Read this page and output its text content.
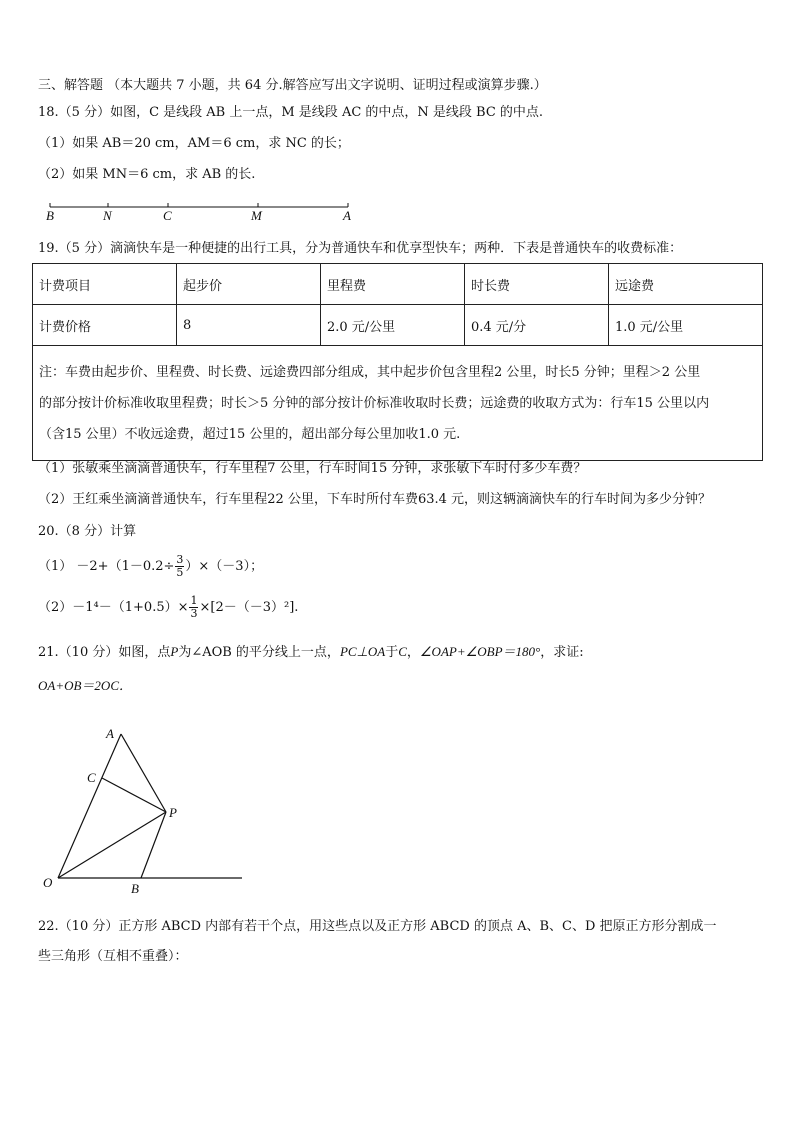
三、解答题 （本大题共 7 小题，共 64 分.解答应写出文字说明、证明过程或演算步骤.）
18.（5 分）如图，C 是线段 AB 上一点，M 是线段 AC 的中点，N 是线段 BC 的中点.
（1）如果 AB＝20 cm，AM＝6 cm，求 NC 的长；
（2）如果 MN＝6 cm，求 AB 的长.
B	N	C	M	A
19.（5 分）滴滴快车是一种便捷的出行工具，分为普通快车和优享型快车；两种．下表是普通快车的收费标准：
计费项目	起步价	里程费	时长费	远途费
计费价格	8	2.0 元/公里	0.4 元/分	1.0 元/公里

注：车费由起步价、里程费、时长费、远途费四部分组成，其中起步价包含里程2 公里，时长5 分钟；里程＞2 公里
的部分按计价标准收取里程费；时长＞5 分钟的部分按计价标准收取时长费；远途费的收取方式为：行车15 公里以内
（含15 公里）不收远途费，超过15 公里的，超出部分每公里加收1.0 元.				
（1）张敏乘坐滴滴普通快车，行车里程7 公里，行车时间15 分钟，求张敏下车时付多少车费？
（2）王红乘坐滴滴普通快车，行车里程22 公里，下车时所付车费63.4 元，则这辆滴滴快车的行车时间为多少分钟？
20.（8 分）计算
$(1) -2+(1-0.2\div \frac{3}{5} )\times(-3)$；
$(2)-1^4-(1+0.5)\times \frac{1}{3} \times[2-(-3)^2]$.
21.（10 分）如图，点P为∠AOB 的平分线上一点，PC⊥OA于C，∠OAP+∠OBP＝180°，求证:
OA+OB＝2OC．
A
C
P
O	B
22.（10 分）正方形 ABCD 内部有若干个点，用这些点以及正方形 ABCD 的顶点 A、B、C、D 把原正方形分割成一
些三角形（互相不重叠）：
